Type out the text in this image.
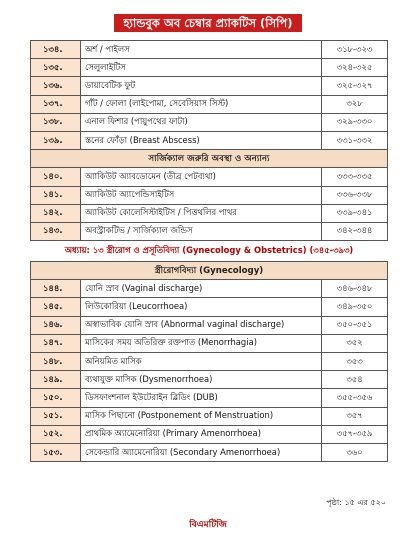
হ্যান্ডবুক অব চেম্বার প্র্যাকটিস (সিপি)
১৩৪.	অর্শ / পাইলস	৩১৮-৩২৩
১৩৫.	সেলুলাইটিস	৩২৪-৩২৫
১৩৬.	ডায়াবেটিক ফুট	৩২৫-৩২৭
১৩৭.	গাঁট / ফোলা (লাইপোমা, সেবেসিয়াস সিস্ট)	৩২৮
১৩৮.	এনাল ফিশার (পায়ুপথের ফাটা)	৩২৯-৩৩০
১৩৯.	স্তনের ফোঁড়া (Breast Abscess)	৩৩১-৩৩২
সার্জিক্যাল জরুরি অবস্থা ও অন্যান্য		
১৪০.	অ্যাকিউট অ্যাবডোমেন (তীব্র পেটব্যথা)	৩৩৩-৩৩৫
১৪১.	অ্যাকিউট অ্যাপেন্ডিসাইটিস	৩৩৬-৩৩৮
১৪২.	অ্যাকিউট কোলেসিস্টাইটিস / পিত্তথলির পাথর	৩৩৯-৩৪১
১৪৩.	অবস্ট্রাকটিভ / সার্জিক্যাল জন্ডিস	৩৪২-৩৪৪
অধ্যায়: ১৩ স্ত্রীরোগ ও প্রসূতিবিদ্যা (Gynecology & Obstetrics) (৩৪৫-৩৯৩)		
স্ত্রীরোগবিদ্যা (Gynecology)		
১৪৪.	যোনি স্রাব (Vaginal discharge)	৩৪৬-৩৪৮
১৪৫.	লিউকোরিয়া (Leucorrhoea)	৩৪৯-৩৫০
১৪৬.	অস্বাভাবিক যোনি স্রাব (Abnormal vaginal discharge)	৩৫০-৩৫১
১৪৭.	মাসিকের সময় অতিরিক্ত রক্তপাত (Menorrhagia)	৩৫২
১৪৮.	অনিয়মিত মাসিক	৩৫৩
১৪৯.	ব্যথাযুক্ত মাসিক (Dysmenorrhoea)	৩৫৪
১৫০.	ডিসফাংশনাল ইউটেরাইন ব্লিডিং (DUB)	৩৫৫-৩৫৬
১৫১.	মাসিক পিছানো (Postponement of Menstruation)	৩৫৭
১৫২.	প্রাথমিক অ্যামেনোরিয়া (Primary Amenorrhoea)	৩৫৭-৩৫৯
১৫৩.	সেকেন্ডারি অ্যামেনোরিয়া (Secondary Amenorrhoea)	৩৬০
পৃষ্ঠা: ১৫ এর ৫২০
বিএমটিজি
